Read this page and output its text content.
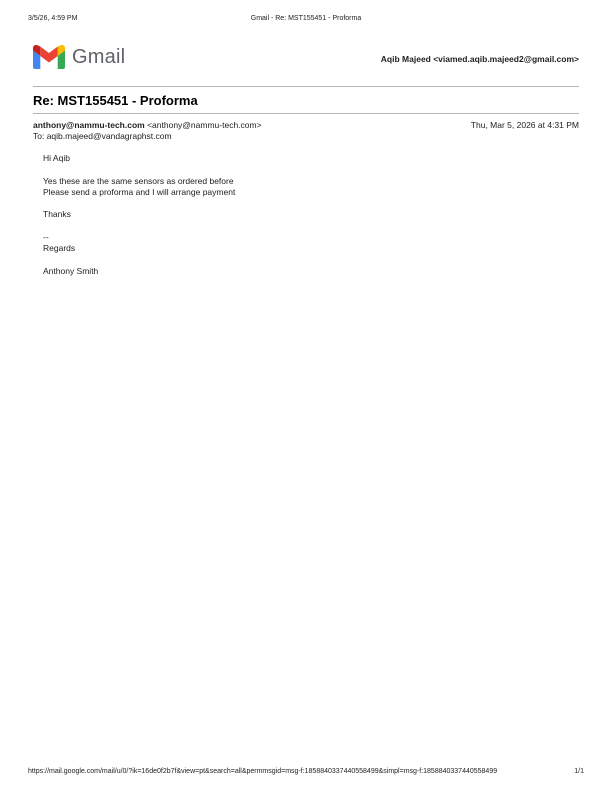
3/5/26, 4:59 PM	Gmail - Re: MST155451 - Proforma
Gmail	Aqib Majeed <viamed.aqib.majeed2@gmail.com>
Re: MST155451 - Proforma
anthony@nammu-tech.com <anthony@nammu-tech.com>	Thu, Mar 5, 2026 at 4:31 PM
To: aqib.majeed@vandagraphst.com

Hi Aqib

Yes these are the same sensors as ordered before

Please send a proforma and I will arrange payment

Thanks

--

Regards

Anthony Smith

https://mail.google.com/mail/u/0/?ik=16de0f2b7f&view=pt&search=all&permmsgid=msg-f:1858840337440558499&simpl=msg-f:1858840337440558499	1/1
